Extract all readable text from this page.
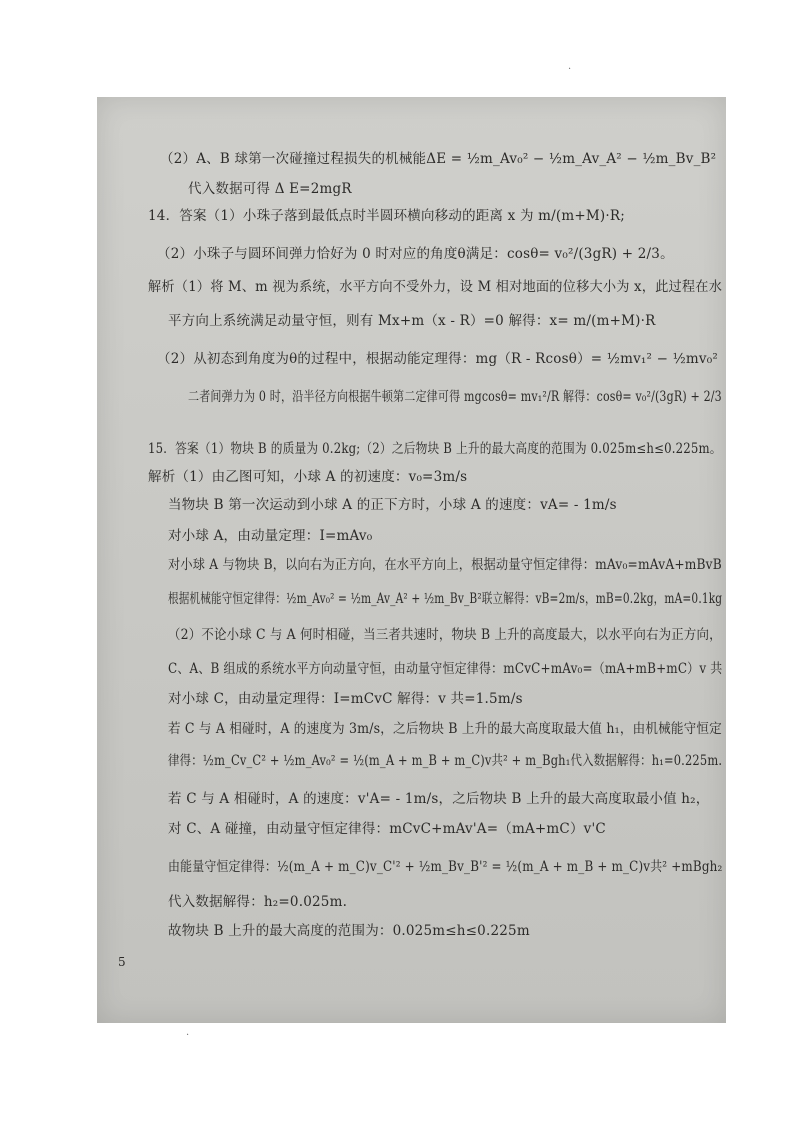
·
·
（2）A、B 球第一次碰撞过程损失的机械能ΔE = ½m_Av₀² − ½m_Av_A² − ½m_Bv_B²
代入数据可得 Δ E=2mgR
14．答案（1）小珠子落到最低点时半圆环横向移动的距离 x 为 m/(m+M)·R;
（2）小珠子与圆环间弹力恰好为 0 时对应的角度θ满足：cosθ= v₀²/(3gR) + 2/3。
解析（1）将 M、m 视为系统，水平方向不受外力，设 M 相对地面的位移大小为 x，此过程在水
平方向上系统满足动量守恒，则有 Mx+m（x - R）=0 解得：x= m/(m+M)·R
（2）从初态到角度为θ的过程中，根据动能定理得：mg（R - Rcosθ）= ½mv₁² − ½mv₀²
二者间弹力为 0 时，沿半径方向根据牛顿第二定律可得 mgcosθ= mv₁²/R 解得：cosθ= v₀²/(3gR) + 2/3
15．答案（1）物块 B 的质量为 0.2kg;（2）之后物块 B 上升的最大高度的范围为 0.025m≤h≤0.225m。
解析（1）由乙图可知，小球 A 的初速度：v₀=3m/s
当物块 B 第一次运动到小球 A 的正下方时，小球 A 的速度：vA= - 1m/s
对小球 A，由动量定理：I=mAv₀
对小球 A 与物块 B，以向右为正方向，在水平方向上，根据动量守恒定律得：mAv₀=mAvA+mBvB
根据机械能守恒定律得：½m_Av₀² = ½m_Av_A² + ½m_Bv_B²联立解得：vB=2m/s，mB=0.2kg，mA=0.1kg
（2）不论小球 C 与 A 何时相碰，当三者共速时，物块 B 上升的高度最大，以水平向右为正方向，
C、A、B 组成的系统水平方向动量守恒，由动量守恒定律得：mCvC+mAv₀=（mA+mB+mC）v 共
对小球 C，由动量定理得：I=mCvC 解得：v 共=1.5m/s
若 C 与 A 相碰时，A 的速度为 3m/s，之后物块 B 上升的最大高度取最大值 h₁，由机械能守恒定
律得：½m_Cv_C² + ½m_Av₀² = ½(m_A + m_B + m_C)v共² + m_Bgh₁代入数据解得：h₁=0.225m.
若 C 与 A 相碰时，A 的速度：v'A= - 1m/s，之后物块 B 上升的最大高度取最小值 h₂，
对 C、A 碰撞，由动量守恒定律得：mCvC+mAv'A=（mA+mC）v'C
由能量守恒定律得：½(m_A + m_C)v_C'² + ½m_Bv_B'² = ½(m_A + m_B + m_C)v共² +mBgh₂
代入数据解得：h₂=0.025m.
故物块 B 上升的最大高度的范围为：0.025m≤h≤0.225m
5
